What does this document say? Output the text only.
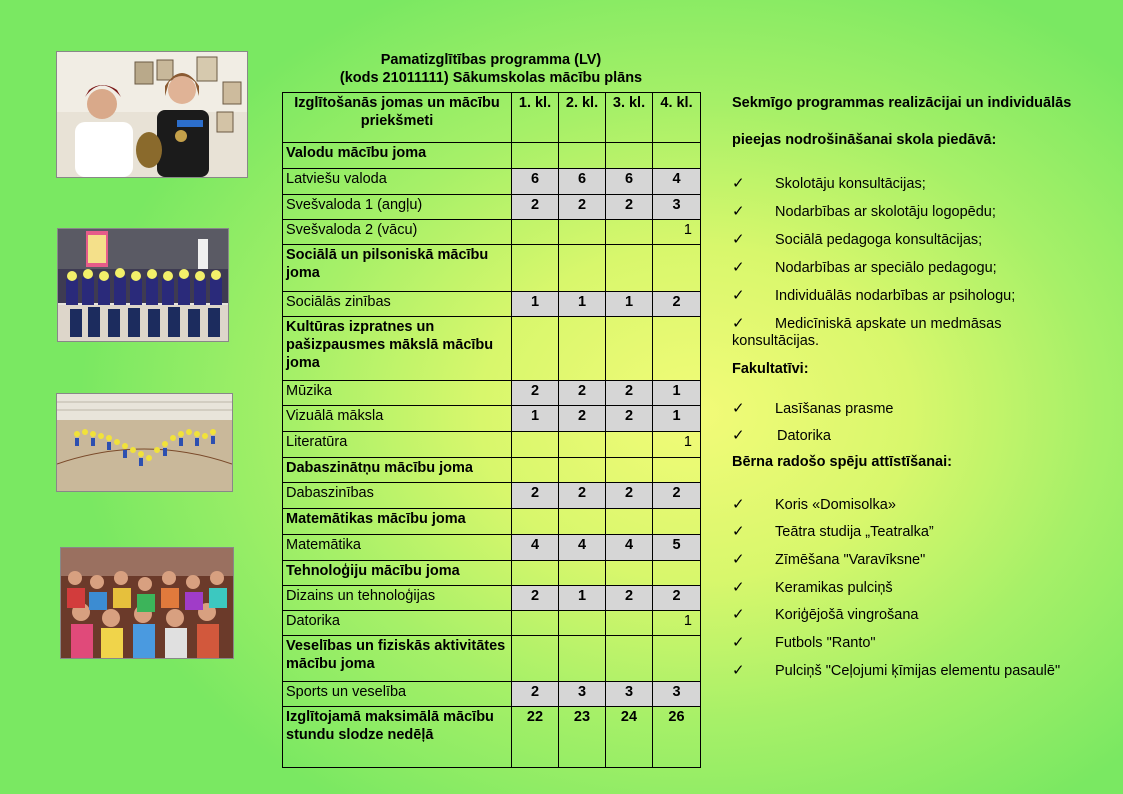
Pamatizglītības programma (LV)
(kods 21011111) Sākumskolas mācību plāns
Izglītošanās jomas un mācību priekšmeti	1. kl.	2. kl.	3. kl.	4. kl.
Valodu mācību joma				
Latviešu valoda	6	6	6	4
Svešvaloda 1 (angļu)	2	2	2	3
Svešvaloda 2 (vācu)				1
Sociālā un pilsoniskā mācību joma				
Sociālās zinības	1	1	1	2
Kultūras izpratnes un pašizpausmes mākslā mācību joma				
Mūzika	2	2	2	1
Vizuālā māksla	1	2	2	1
Literatūra				1
Dabaszinātņu mācību joma				
Dabaszinības	2	2	2	2
Matemātikas mācību joma				
Matemātika	4	4	4	5
Tehnoloģiju mācību joma				
Dizains un tehnoloģijas	2	1	2	2
Datorika				1
Veselības un fiziskās aktivitātes mācību joma				
Sports un veselība	2	3	3	3
Izglītojamā maksimālā mācību stundu slodze nedēļā	22	23	24	26
Sekmīgo programmas realizācijai un individuālās
pieejas nodrošināšanai skola piedāvā:
✓ Skolotāju konsultācijas;
✓ Nodarbības ar skolotāju logopēdu;
✓ Sociālā pedagoga konsultācijas;
✓ Nodarbības ar speciālo pedagogu;
✓ Individuālās nodarbības ar psihologu;
✓ Medicīniskā apskate un medmāsas
konsultācijas.
Fakultatīvi:
✓ Lasīšanas prasme
✓ Datorika
Bērna radošo spēju attīstīšanai:
✓ Koris «Domisolka»
✓ Teātra studija „Teatralka”
✓ Zīmēšana "Varavīksne"
✓ Keramikas pulciņš
✓ Koriģējošā vingrošana
✓ Futbols "Ranto"
✓ Pulciņš "Ceļojumi ķīmijas elementu pasaulē"
